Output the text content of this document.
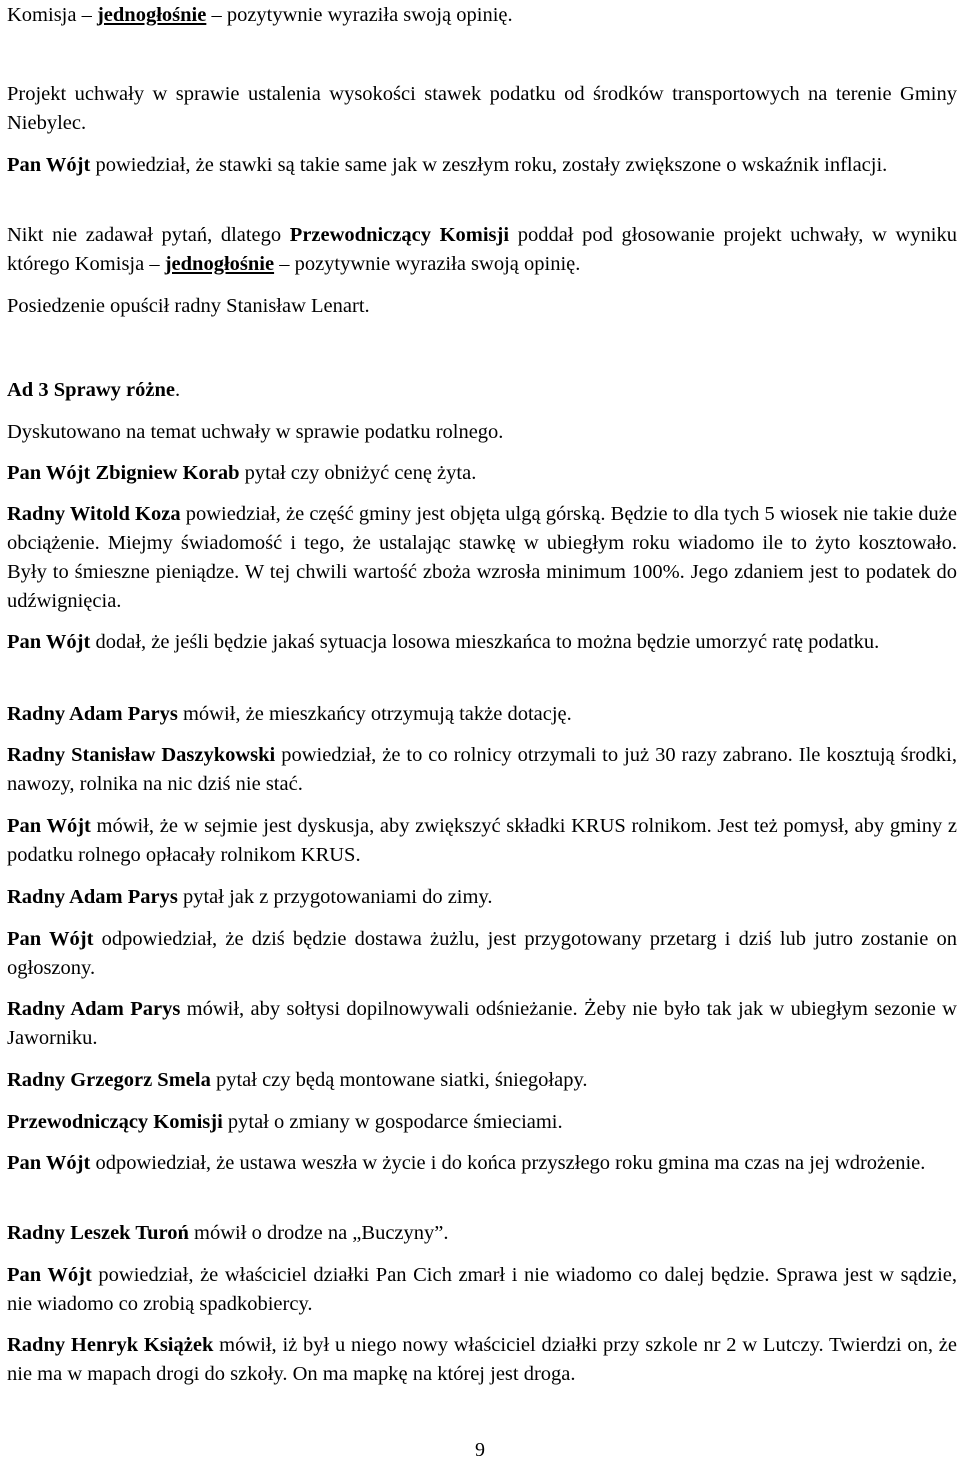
Komisja – jednogłośnie – pozytywnie wyraziła swoją opinię.

Projekt uchwały w sprawie ustalenia wysokości stawek podatku od środków transportowych na terenie Gminy Niebylec.

Pan Wójt powiedział, że stawki są takie same jak w zeszłym roku, zostały zwiększone o wskaźnik inflacji.

Nikt nie zadawał pytań, dlatego Przewodniczący Komisji poddał pod głosowanie projekt uchwały, w wyniku którego Komisja – jednogłośnie – pozytywnie wyraziła swoją opinię.

Posiedzenie opuścił radny Stanisław Lenart.

Ad 3 Sprawy różne.

Dyskutowano na temat uchwały w sprawie podatku rolnego.

Pan Wójt Zbigniew Korab pytał czy obniżyć cenę żyta.

Radny Witold Koza powiedział, że część gminy jest objęta ulgą górską. Będzie to dla tych 5 wiosek nie takie duże obciążenie. Miejmy świadomość i tego, że ustalając stawkę w ubiegłym roku wiadomo ile to żyto kosztowało. Były to śmieszne pieniądze. W tej chwili wartość zboża wzrosła minimum 100%. Jego zdaniem jest to podatek do udźwignięcia.

Pan Wójt dodał, że jeśli będzie jakaś sytuacja losowa mieszkańca to można będzie umorzyć ratę podatku.

Radny Adam Parys mówił, że mieszkańcy otrzymują także dotację.

Radny Stanisław Daszykowski powiedział, że to co rolnicy otrzymali to już 30 razy zabrano. Ile kosztują środki, nawozy, rolnika na nic dziś nie stać.

Pan Wójt mówił, że w sejmie jest dyskusja, aby zwiększyć składki KRUS rolnikom. Jest też pomysł, aby gminy z podatku rolnego opłacały rolnikom KRUS.

Radny Adam Parys pytał jak z przygotowaniami do zimy.

Pan Wójt odpowiedział, że dziś będzie dostawa żużlu, jest przygotowany przetarg i dziś lub jutro zostanie on ogłoszony.

Radny Adam Parys mówił, aby sołtysi dopilnowywali odśnieżanie. Żeby nie było tak jak w ubiegłym sezonie w Jaworniku.

Radny Grzegorz Smela pytał czy będą montowane siatki, śniegołapy.

Przewodniczący Komisji pytał o zmiany w gospodarce śmieciami.

Pan Wójt odpowiedział, że ustawa weszła w życie i do końca przyszłego roku gmina ma czas na jej wdrożenie.

Radny Leszek Turoń mówił o drodze na „Buczyny”.

Pan Wójt powiedział, że właściciel działki Pan Cich zmarł i nie wiadomo co dalej będzie. Sprawa jest w sądzie, nie wiadomo co zrobią spadkobiercy.

Radny Henryk Książek mówił, iż był u niego nowy właściciel działki przy szkole nr 2 w Lutczy. Twierdzi on, że nie ma w mapach drogi do szkoły. On ma mapkę na której jest droga.

9
